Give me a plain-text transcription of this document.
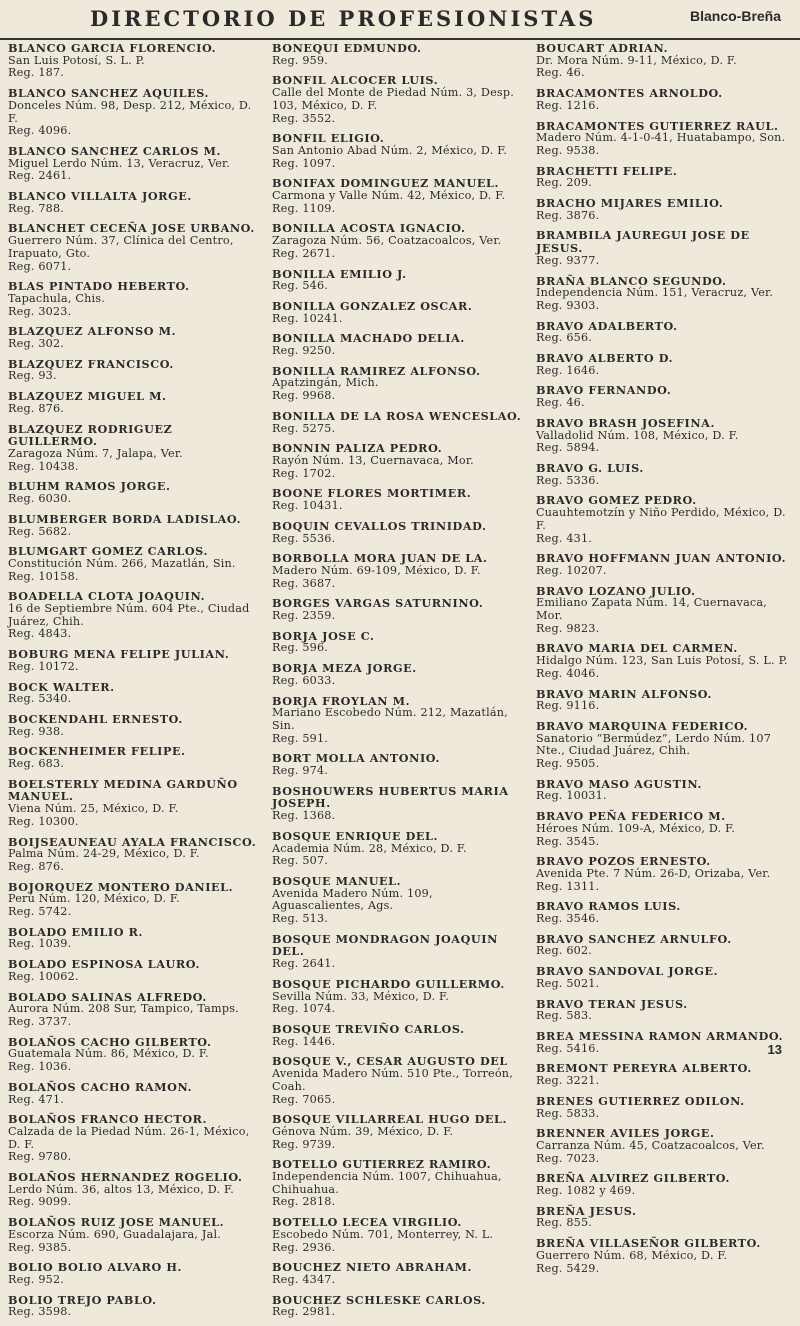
DIRECTORIO DE PROFESIONISTAS	Blanco-Breña
BLANCO GARCIA FLORENCIO.
San Luis Potosí, S. L. P.
Reg. 187.
BLANCO SANCHEZ AQUILES.
Donceles Núm. 98, Desp. 212, México, D. F.
Reg. 4096.
BLANCO SANCHEZ CARLOS M.
Miguel Lerdo Núm. 13, Veracruz, Ver.
Reg. 2461.
BLANCO VILLALTA JORGE.
Reg. 788.
BLANCHET CECEÑA JOSE URBANO.
Guerrero Núm. 37, Clínica del Centro, Irapuato, Gto.
Reg. 6071.
BLAS PINTADO HEBERTO.
Tapachula, Chis.
Reg. 3023.
BLAZQUEZ ALFONSO M.
Reg. 302.
BLAZQUEZ FRANCISCO.
Reg. 93.
BLAZQUEZ MIGUEL M.
Reg. 876.
BLAZQUEZ RODRIGUEZ GUILLERMO.
Zaragoza Núm. 7, Jalapa, Ver.
Reg. 10438.
BLUHM RAMOS JORGE.
Reg. 6030.
BLUMBERGER BORDA LADISLAO.
Reg. 5682.
BLUMGART GOMEZ CARLOS.
Constitución Núm. 266, Mazatlán, Sin.
Reg. 10158.
BOADELLA CLOTA JOAQUIN.
16 de Septiembre Núm. 604 Pte., Ciudad Juárez, Chih.
Reg. 4843.
BOBURG MENA FELIPE JULIAN.
Reg. 10172.
BOCK WALTER.
Reg. 5340.
BOCKENDAHL ERNESTO.
Reg. 938.
BOCKENHEIMER FELIPE.
Reg. 683.
BOELSTERLY MEDINA GARDUÑO MANUEL.
Viena Núm. 25, México, D. F.
Reg. 10300.
BOIJSEAUNEAU AYALA FRANCISCO.
Palma Núm. 24-29, México, D. F.
Reg. 876.
BOJORQUEZ MONTERO DANIEL.
Perú Núm. 120, México, D. F.
Reg. 5742.
BOLADO EMILIO R.
Reg. 1039.
BOLADO ESPINOSA LAURO.
Reg. 10062.
BOLADO SALINAS ALFREDO.
Aurora Núm. 208 Sur, Tampico, Tamps.
Reg. 3737.
BOLAÑOS CACHO GILBERTO.
Guatemala Núm. 86, México, D. F.
Reg. 1036.
BOLAÑOS CACHO RAMON.
Reg. 471.
BOLAÑOS FRANCO HECTOR.
Calzada de la Piedad Núm. 26-1, México, D. F.
Reg. 9780.
BOLAÑOS HERNANDEZ ROGELIO.
Lerdo Núm. 36, altos 13, México, D. F.
Reg. 9099.
BOLAÑOS RUIZ JOSE MANUEL.
Escorza Núm. 690, Guadalajara, Jal.
Reg. 9385.
BOLIO BOLIO ALVARO H.
Reg. 952.
BOLIO TREJO PABLO.
Reg. 3598.
BONEQUI EDMUNDO.
Reg. 959.
BONFIL ALCOCER LUIS.
Calle del Monte de Piedad Núm. 3, Desp. 103, México, D. F.
Reg. 3552.
BONFIL ELIGIO.
San Antonio Abad Núm. 2, México, D. F.
Reg. 1097.
BONIFAX DOMINGUEZ MANUEL.
Carmona y Valle Núm. 42, México, D. F.
Reg. 1109.
BONILLA ACOSTA IGNACIO.
Zaragoza Núm. 56, Coatzacoalcos, Ver.
Reg. 2671.
BONILLA EMILIO J.
Reg. 546.
BONILLA GONZALEZ OSCAR.
Reg. 10241.
BONILLA MACHADO DELIA.
Reg. 9250.
BONILLA RAMIREZ ALFONSO.
Apatzingán, Mich.
Reg. 9968.
BONILLA DE LA ROSA WENCESLAO.
Reg. 5275.
BONNIN PALIZA PEDRO.
Rayón Núm. 13, Cuernavaca, Mor.
Reg. 1702.
BOONE FLORES MORTIMER.
Reg. 10431.
BOQUIN CEVALLOS TRINIDAD.
Reg. 5536.
BORBOLLA MORA JUAN DE LA.
Madero Núm. 69-109, México, D. F.
Reg. 3687.
BORGES VARGAS SATURNINO.
Reg. 2359.
BORJA JOSE C.
Reg. 596.
BORJA MEZA JORGE.
Reg. 6033.
BORJA FROYLAN M.
Mariano Escobedo Núm. 212, Mazatlán, Sin.
Reg. 591.
BORT MOLLA ANTONIO.
Reg. 974.
BOSHOUWERS HUBERTUS MARIA JOSEPH.
Reg. 1368.
BOSQUE ENRIQUE DEL.
Academia Núm. 28, México, D. F.
Reg. 507.
BOSQUE MANUEL.
Avenida Madero Núm. 109, Aguascalientes, Ags.
Reg. 513.
BOSQUE MONDRAGON JOAQUIN DEL.
Reg. 2641.
BOSQUE PICHARDO GUILLERMO.
Sevilla Núm. 33, México, D. F.
Reg. 1074.
BOSQUE TREVIÑO CARLOS.
Reg. 1446.
BOSQUE V., CESAR AUGUSTO DEL
Avenida Madero Núm. 510 Pte., Torreón, Coah.
Reg. 7065.
BOSQUE VILLARREAL HUGO DEL.
Génova Núm. 39, México, D. F.
Reg. 9739.
BOTELLO GUTIERREZ RAMIRO.
Independencia Núm. 1007, Chihuahua, Chihuahua.
Reg. 2818.
BOTELLO LECEA VIRGILIO.
Escobedo Núm. 701, Monterrey, N. L.
Reg. 2936.
BOUCHEZ NIETO ABRAHAM.
Reg. 4347.
BOUCHEZ SCHLESKE CARLOS.
Reg. 2981.
BOUCART ADRIAN.
Dr. Mora Núm. 9-11, México, D. F.
Reg. 46.
BRACAMONTES ARNOLDO.
Reg. 1216.
BRACAMONTES GUTIERREZ RAUL.
Madero Núm. 4-1-0-41, Huatabampo, Son.
Reg. 9538.
BRACHETTI FELIPE.
Reg. 209.
BRACHO MIJARES EMILIO.
Reg. 3876.
BRAMBILA JAUREGUI JOSE DE JESUS.
Reg. 9377.
BRAÑA BLANCO SEGUNDO.
Independencia Núm. 151, Veracruz, Ver.
Reg. 9303.
BRAVO ADALBERTO.
Reg. 656.
BRAVO ALBERTO D.
Reg. 1646.
BRAVO FERNANDO.
Reg. 46.
BRAVO BRASH JOSEFINA.
Valladolid Núm. 108, México, D. F.
Reg. 5894.
BRAVO G. LUIS.
Reg. 5336.
BRAVO GOMEZ PEDRO.
Cuauhtemotzín y Niño Perdido, México, D. F.
Reg. 431.
BRAVO HOFFMANN JUAN ANTONIO.
Reg. 10207.
BRAVO LOZANO JULIO.
Emiliano Zapata Núm. 14, Cuernavaca, Mor.
Reg. 9823.
BRAVO MARIA DEL CARMEN.
Hidalgo Núm. 123, San Luis Potosí, S. L. P.
Reg. 4046.
BRAVO MARIN ALFONSO.
Reg. 9116.
BRAVO MARQUINA FEDERICO.
Sanatorio “Bermúdez”, Lerdo Núm. 107 Nte., Ciudad Juárez, Chih.
Reg. 9505.
BRAVO MASO AGUSTIN.
Reg. 10031.
BRAVO PEÑA FEDERICO M.
Héroes Núm. 109-A, México, D. F.
Reg. 3545.
BRAVO POZOS ERNESTO.
Avenida Pte. 7 Núm. 26-D, Orizaba, Ver.
Reg. 1311.
BRAVO RAMOS LUIS.
Reg. 3546.
BRAVO SANCHEZ ARNULFO.
Reg. 602.
BRAVO SANDOVAL JORGE.
Reg. 5021.
BRAVO TERAN JESUS.
Reg. 583.
BREA MESSINA RAMON ARMANDO.
Reg. 5416.
BREMONT PEREYRA ALBERTO.
Reg. 3221.
BRENES GUTIERREZ ODILON.
Reg. 5833.
BRENNER AVILES JORGE.
Carranza Núm. 45, Coatzacoalcos, Ver.
Reg. 7023.
BREÑA ALVIREZ GILBERTO.
Reg. 1082 y 469.
BREÑA JESUS.
Reg. 855.
BREÑA VILLASEÑOR GILBERTO.
Guerrero Núm. 68, México, D. F.
Reg. 5429.
13
